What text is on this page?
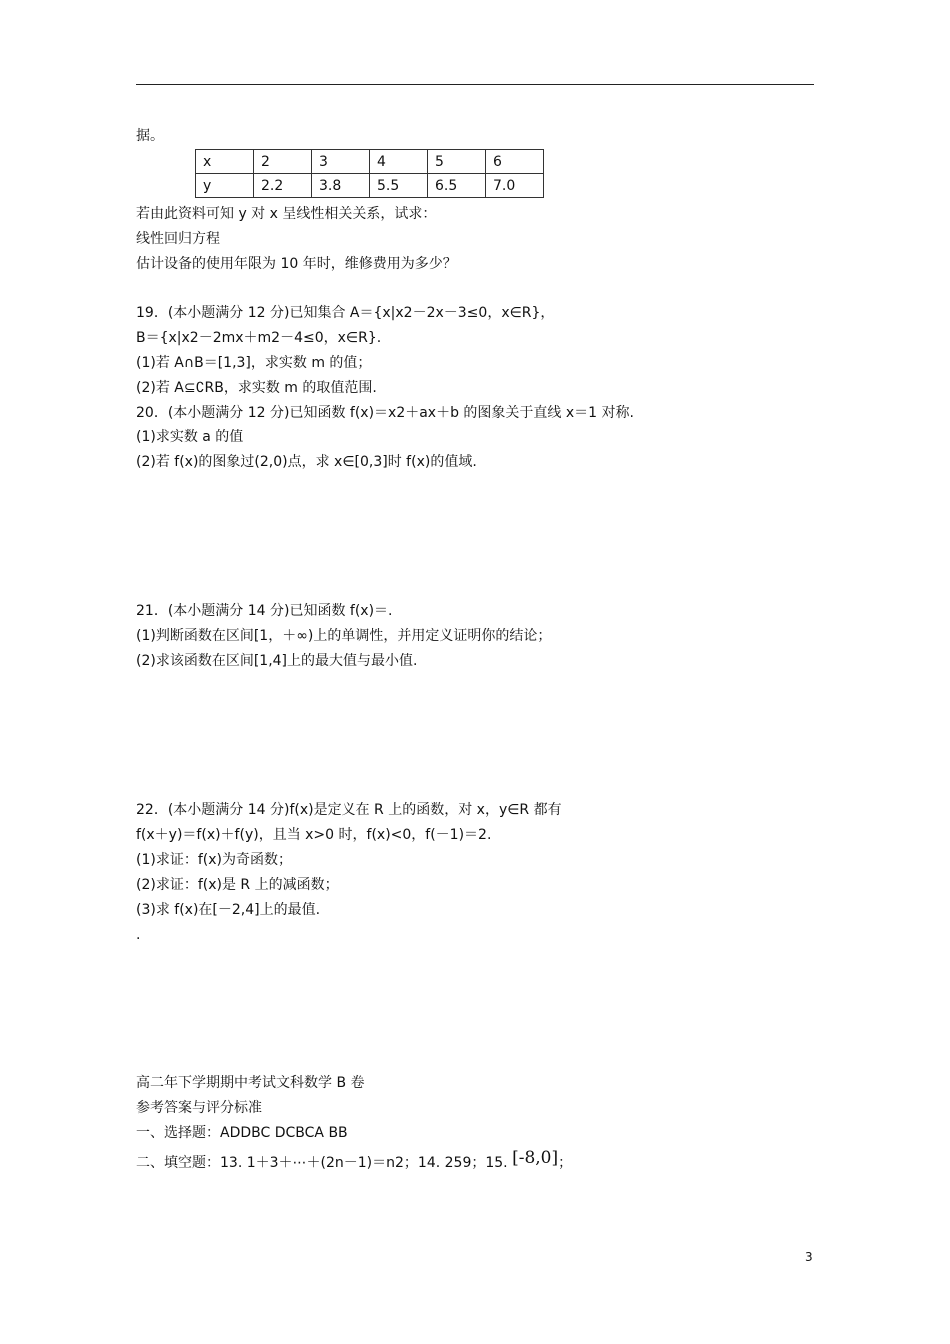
据。
x	2	3	4	5	6
y	2.2	3.8	5.5	6.5	7.0
若由此资料可知 y 对 x 呈线性相关关系，试求：
线性回归方程
估计设备的使用年限为 10 年时，维修费用为多少？
19．(本小题满分 12 分)已知集合 A＝{x|x2－2x－3≤0，x∈R}，
B＝{x|x2－2mx＋m2－4≤0，x∈R}.
(1)若 A∩B＝[1,3]，求实数 m 的值；
(2)若 A⊆∁RB，求实数 m 的取值范围.
20．(本小题满分 12 分)已知函数 f(x)＝x2＋ax＋b 的图象关于直线 x＝1 对称.
(1)求实数 a 的值
(2)若 f(x)的图象过(2,0)点，求 x∈[0,3]时 f(x)的值域.
21．(本小题满分 14 分)已知函数 f(x)＝.
(1)判断函数在区间[1，＋∞)上的单调性，并用定义证明你的结论；
(2)求该函数在区间[1,4]上的最大值与最小值.
22．(本小题满分 14 分)f(x)是定义在 R 上的函数，对 x，y∈R 都有
f(x＋y)＝f(x)＋f(y)，且当 x>0 时，f(x)<0，f(－1)＝2.
(1)求证：f(x)为奇函数；
(2)求证：f(x)是 R 上的减函数；
(3)求 f(x)在[－2,4]上的最值.
.
高二年下学期期中考试文科数学 B 卷
参考答案与评分标准
一、选择题：ADDBC DCBCA BB
二、填空题：13. 1＋3＋⋯＋(2n－1)＝n2；14. 259；15. [-8,0]；
3
